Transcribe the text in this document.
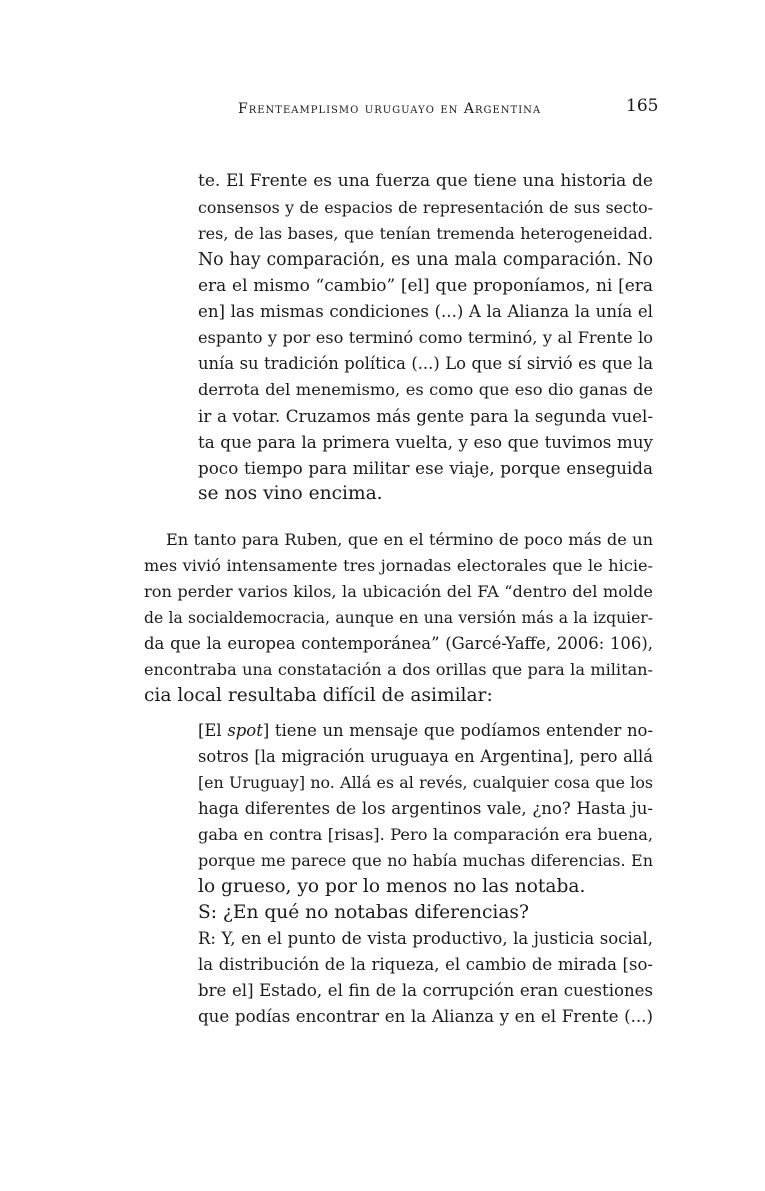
Frenteamplismo uruguayo en Argentina	165
te. El Frente es una fuerza que tiene una historia de
consensos y de espacios de representación de sus secto-
res, de las bases, que tenían tremenda heterogeneidad.
No hay comparación, es una mala comparación. No
era el mismo “cambio” [el] que proponíamos, ni [era
en] las mismas condiciones (...) A la Alianza la unía el
espanto y por eso terminó como terminó, y al Frente lo
unía su tradición política (...) Lo que sí sirvió es que la
derrota del menemismo, es como que eso dio ganas de
ir a votar. Cruzamos más gente para la segunda vuel-
ta que para la primera vuelta, y eso que tuvimos muy
poco tiempo para militar ese viaje, porque enseguida
se nos vino encima.
En tanto para Ruben, que en el término de poco más de un
mes vivió intensamente tres jornadas electorales que le hicie-
ron perder varios kilos, la ubicación del FA “dentro del molde
de la socialdemocracia, aunque en una versión más a la izquier-
da que la europea contemporánea” (Garcé-Yaffe, 2006: 106),
encontraba una constatación a dos orillas que para la militan-
cia local resultaba difícil de asimilar:
[El spot] tiene un mensaje que podíamos entender no-
sotros [la migración uruguaya en Argentina], pero allá
[en Uruguay] no. Allá es al revés, cualquier cosa que los
haga diferentes de los argentinos vale, ¿no? Hasta ju-
gaba en contra [risas]. Pero la comparación era buena,
porque me parece que no había muchas diferencias. En
lo grueso, yo por lo menos no las notaba.
S: ¿En qué no notabas diferencias?
R: Y, en el punto de vista productivo, la justicia social,
la distribución de la riqueza, el cambio de mirada [so-
bre el] Estado, el fin de la corrupción eran cuestiones
que podías encontrar en la Alianza y en el Frente (...)
